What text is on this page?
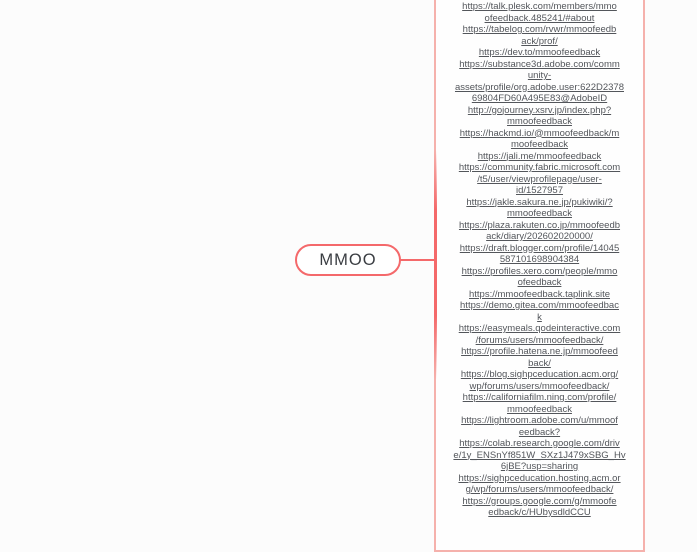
https://talk.plesk.com/members/mmo
ofeedback.485241/#about
https://tabelog.com/rvwr/mmoofeedb
ack/prof/
https://dev.to/mmoofeedback
https://substance3d.adobe.com/comm
unity-
assets/profile/org.adobe.user:622D2378
69804FD60A495E83@AdobeID
http://gojourney.xsrv.jp/index.php?
mmoofeedback
https://hackmd.io/@mmoofeedback/m
moofeedback
https://jali.me/mmoofeedback
https://community.fabric.microsoft.com
/t5/user/viewprofilepage/user-
id/1527957
https://jakle.sakura.ne.jp/pukiwiki/?
mmoofeedback
https://plaza.rakuten.co.jp/mmoofeedb
ack/diary/202602020000/
https://draft.blogger.com/profile/14045
587101698904384
https://profiles.xero.com/people/mmo
ofeedback
https://mmoofeedback.taplink.site
https://demo.gitea.com/mmoofeedbac
k
https://easymeals.qodeinteractive.com
/forums/users/mmoofeedback/
https://profile.hatena.ne.jp/mmoofeed
back/
https://blog.sighpceducation.acm.org/
wp/forums/users/mmoofeedback/
https://californiafilm.ning.com/profile/
mmoofeedback
https://lightroom.adobe.com/u/mmoof
eedback?
https://colab.research.google.com/driv
e/1y_ENSnYf851W_SXz1J479xSBG_Hv
6jBE?usp=sharing
https://sighpceducation.hosting.acm.or
g/wp/forums/users/mmoofeedback/
https://groups.google.com/g/mmoofe
edback/c/HUbysdldCCU
MMOO
